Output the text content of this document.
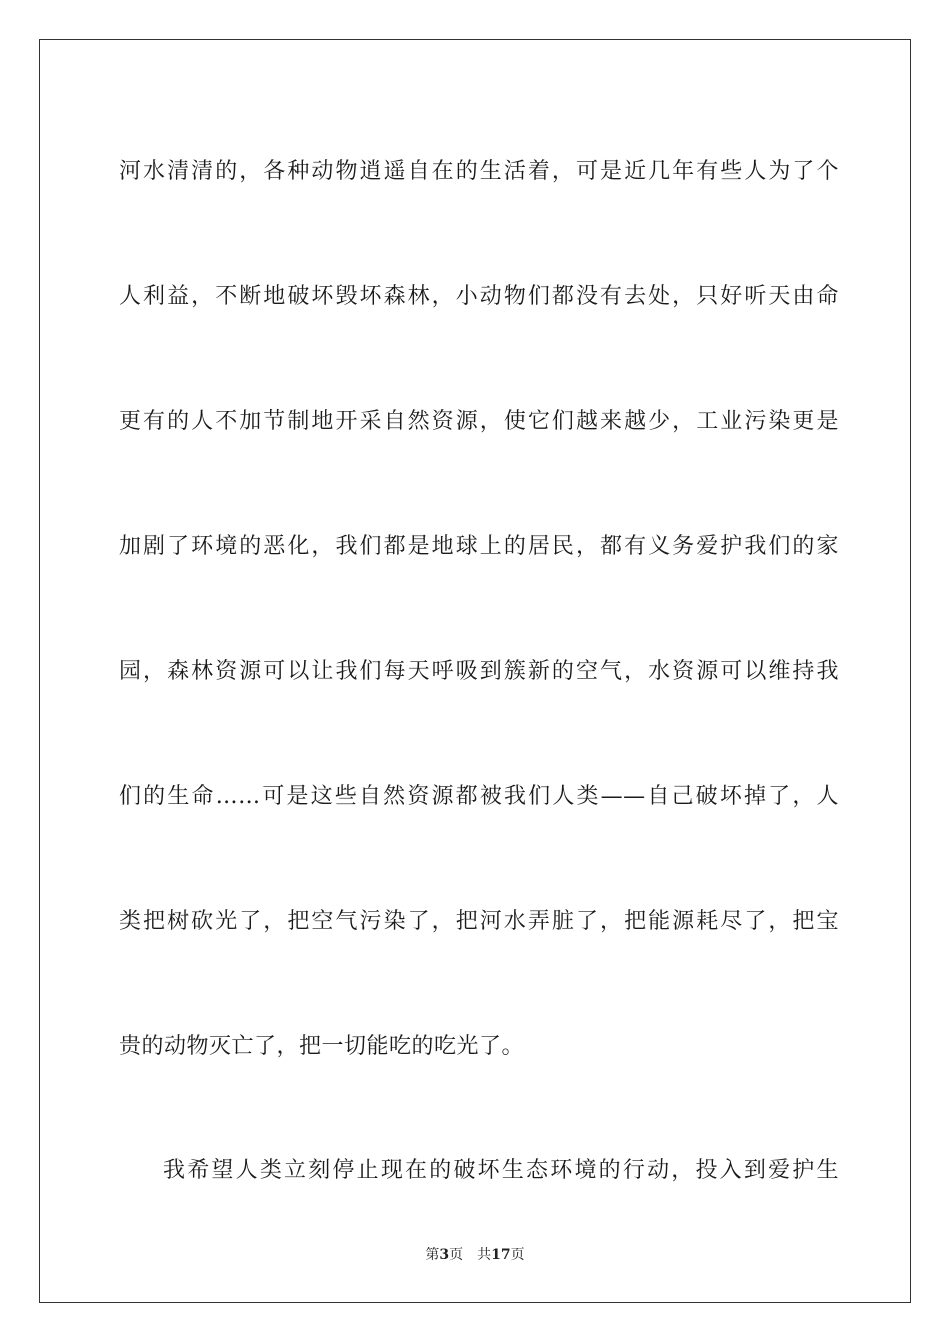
河水清清的，各种动物逍遥自在的生活着，可是近几年有些人为了个

人利益，不断地破坏毁坏森林，小动物们都没有去处，只好听天由命

更有的人不加节制地开采自然资源，使它们越来越少，工业污染更是

加剧了环境的恶化，我们都是地球上的居民，都有义务爱护我们的家

园，森林资源可以让我们每天呼吸到簇新的空气，水资源可以维持我

们的生命……可是这些自然资源都被我们人类——自己破坏掉了，人

类把树砍光了，把空气污染了，把河水弄脏了，把能源耗尽了，把宝

贵的动物灭亡了，把一切能吃的吃光了。

我希望人类立刻停止现在的破坏生态环境的行动，投入到爱护生

第3页 共17页
